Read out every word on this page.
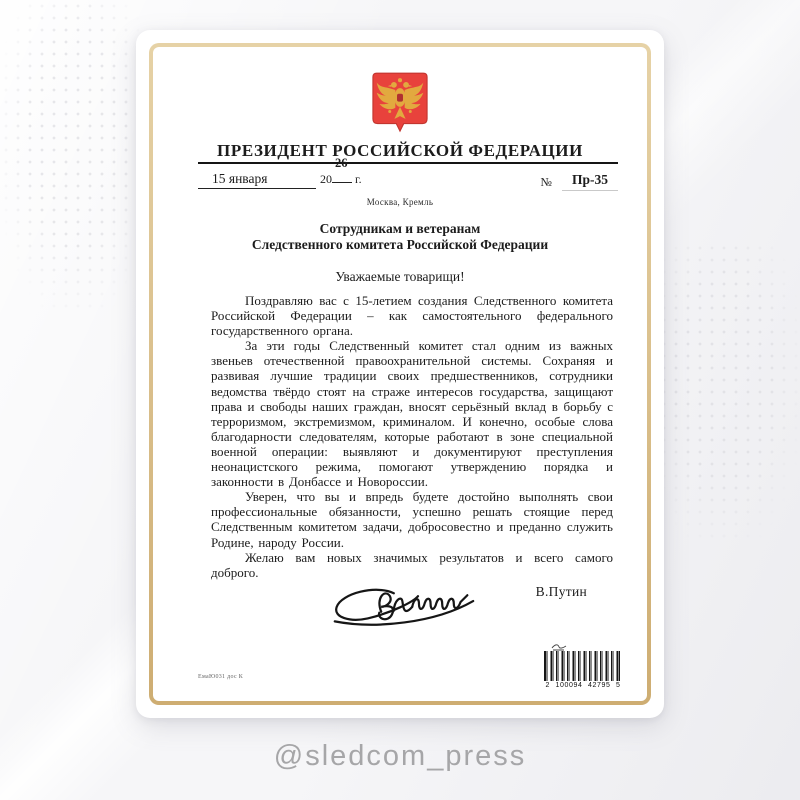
ПРЕЗИДЕНТ РОССИЙСКОЙ ФЕДЕРАЦИИ
15 января	20
26
г.	№ Пр-35
Москва, Кремль
Сотрудникам и ветеранам
Следственного комитета Российской Федерации
Уважаемые товарищи!

Поздравляю вас с 15-летием создания Следственного комитета Российской Федерации – как самостоятельного федерального государственного органа.

За эти годы Следственный комитет стал одним из важных звеньев отечественной правоохранительной системы. Сохраняя и развивая лучшие традиции своих предшественников, сотрудники ведомства твёрдо стоят на страже интересов государства, защищают права и свободы наших граждан, вносят серьёзный вклад в борьбу с терроризмом, экстремизмом, криминалом. И конечно, особые слова благодарности следователям, которые работают в зоне специальной военной операции: выявляют и документируют преступления неонацистского режима, помогают утверждению порядка и законности в Донбассе и Новороссии.

Уверен, что вы и впредь будете достойно выполнять свои профессиональные обязанности, успешно решать стоящие перед Следственным комитетом задачи, добросовестно и преданно служить Родине, народу России.

Желаю вам новых значимых результатов и всего самого доброго.

В.Путин
ЕмаЮ031 дос К
2 100094 42795 5
@sledcom_press
